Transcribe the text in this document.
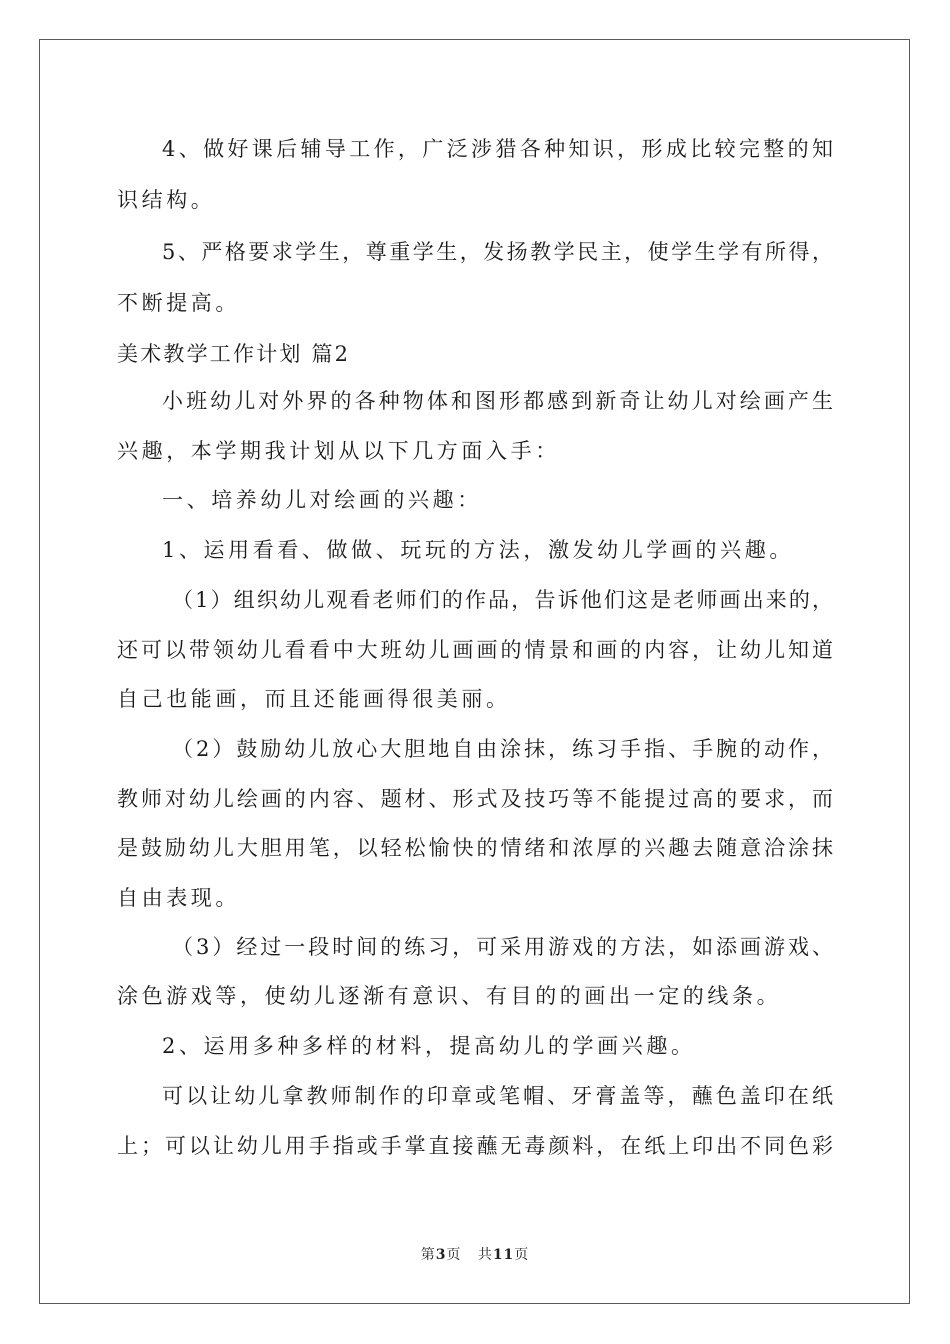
4、做好课后辅导工作，广泛涉猎各种知识，形成比较完整的知
识结构。
5、严格要求学生，尊重学生，发扬教学民主，使学生学有所得，
不断提高。
美术教学工作计划 篇2
小班幼儿对外界的各种物体和图形都感到新奇让幼儿对绘画产生
兴趣，本学期我计划从以下几方面入手：
一、培养幼儿对绘画的兴趣：
1、运用看看、做做、玩玩的方法，激发幼儿学画的兴趣。
（1）组织幼儿观看老师们的作品，告诉他们这是老师画出来的，
还可以带领幼儿看看中大班幼儿画画的情景和画的内容，让幼儿知道
自己也能画，而且还能画得很美丽。
（2）鼓励幼儿放心大胆地自由涂抹，练习手指、手腕的动作，
教师对幼儿绘画的内容、题材、形式及技巧等不能提过高的要求，而
是鼓励幼儿大胆用笔，以轻松愉快的情绪和浓厚的兴趣去随意洽涂抹
自由表现。
（3）经过一段时间的练习，可采用游戏的方法，如添画游戏、
涂色游戏等，使幼儿逐渐有意识、有目的的画出一定的线条。
2、运用多种多样的材料，提高幼儿的学画兴趣。
可以让幼儿拿教师制作的印章或笔帽、牙膏盖等，蘸色盖印在纸
上；可以让幼儿用手指或手掌直接蘸无毒颜料，在纸上印出不同色彩
第3页 共11页
